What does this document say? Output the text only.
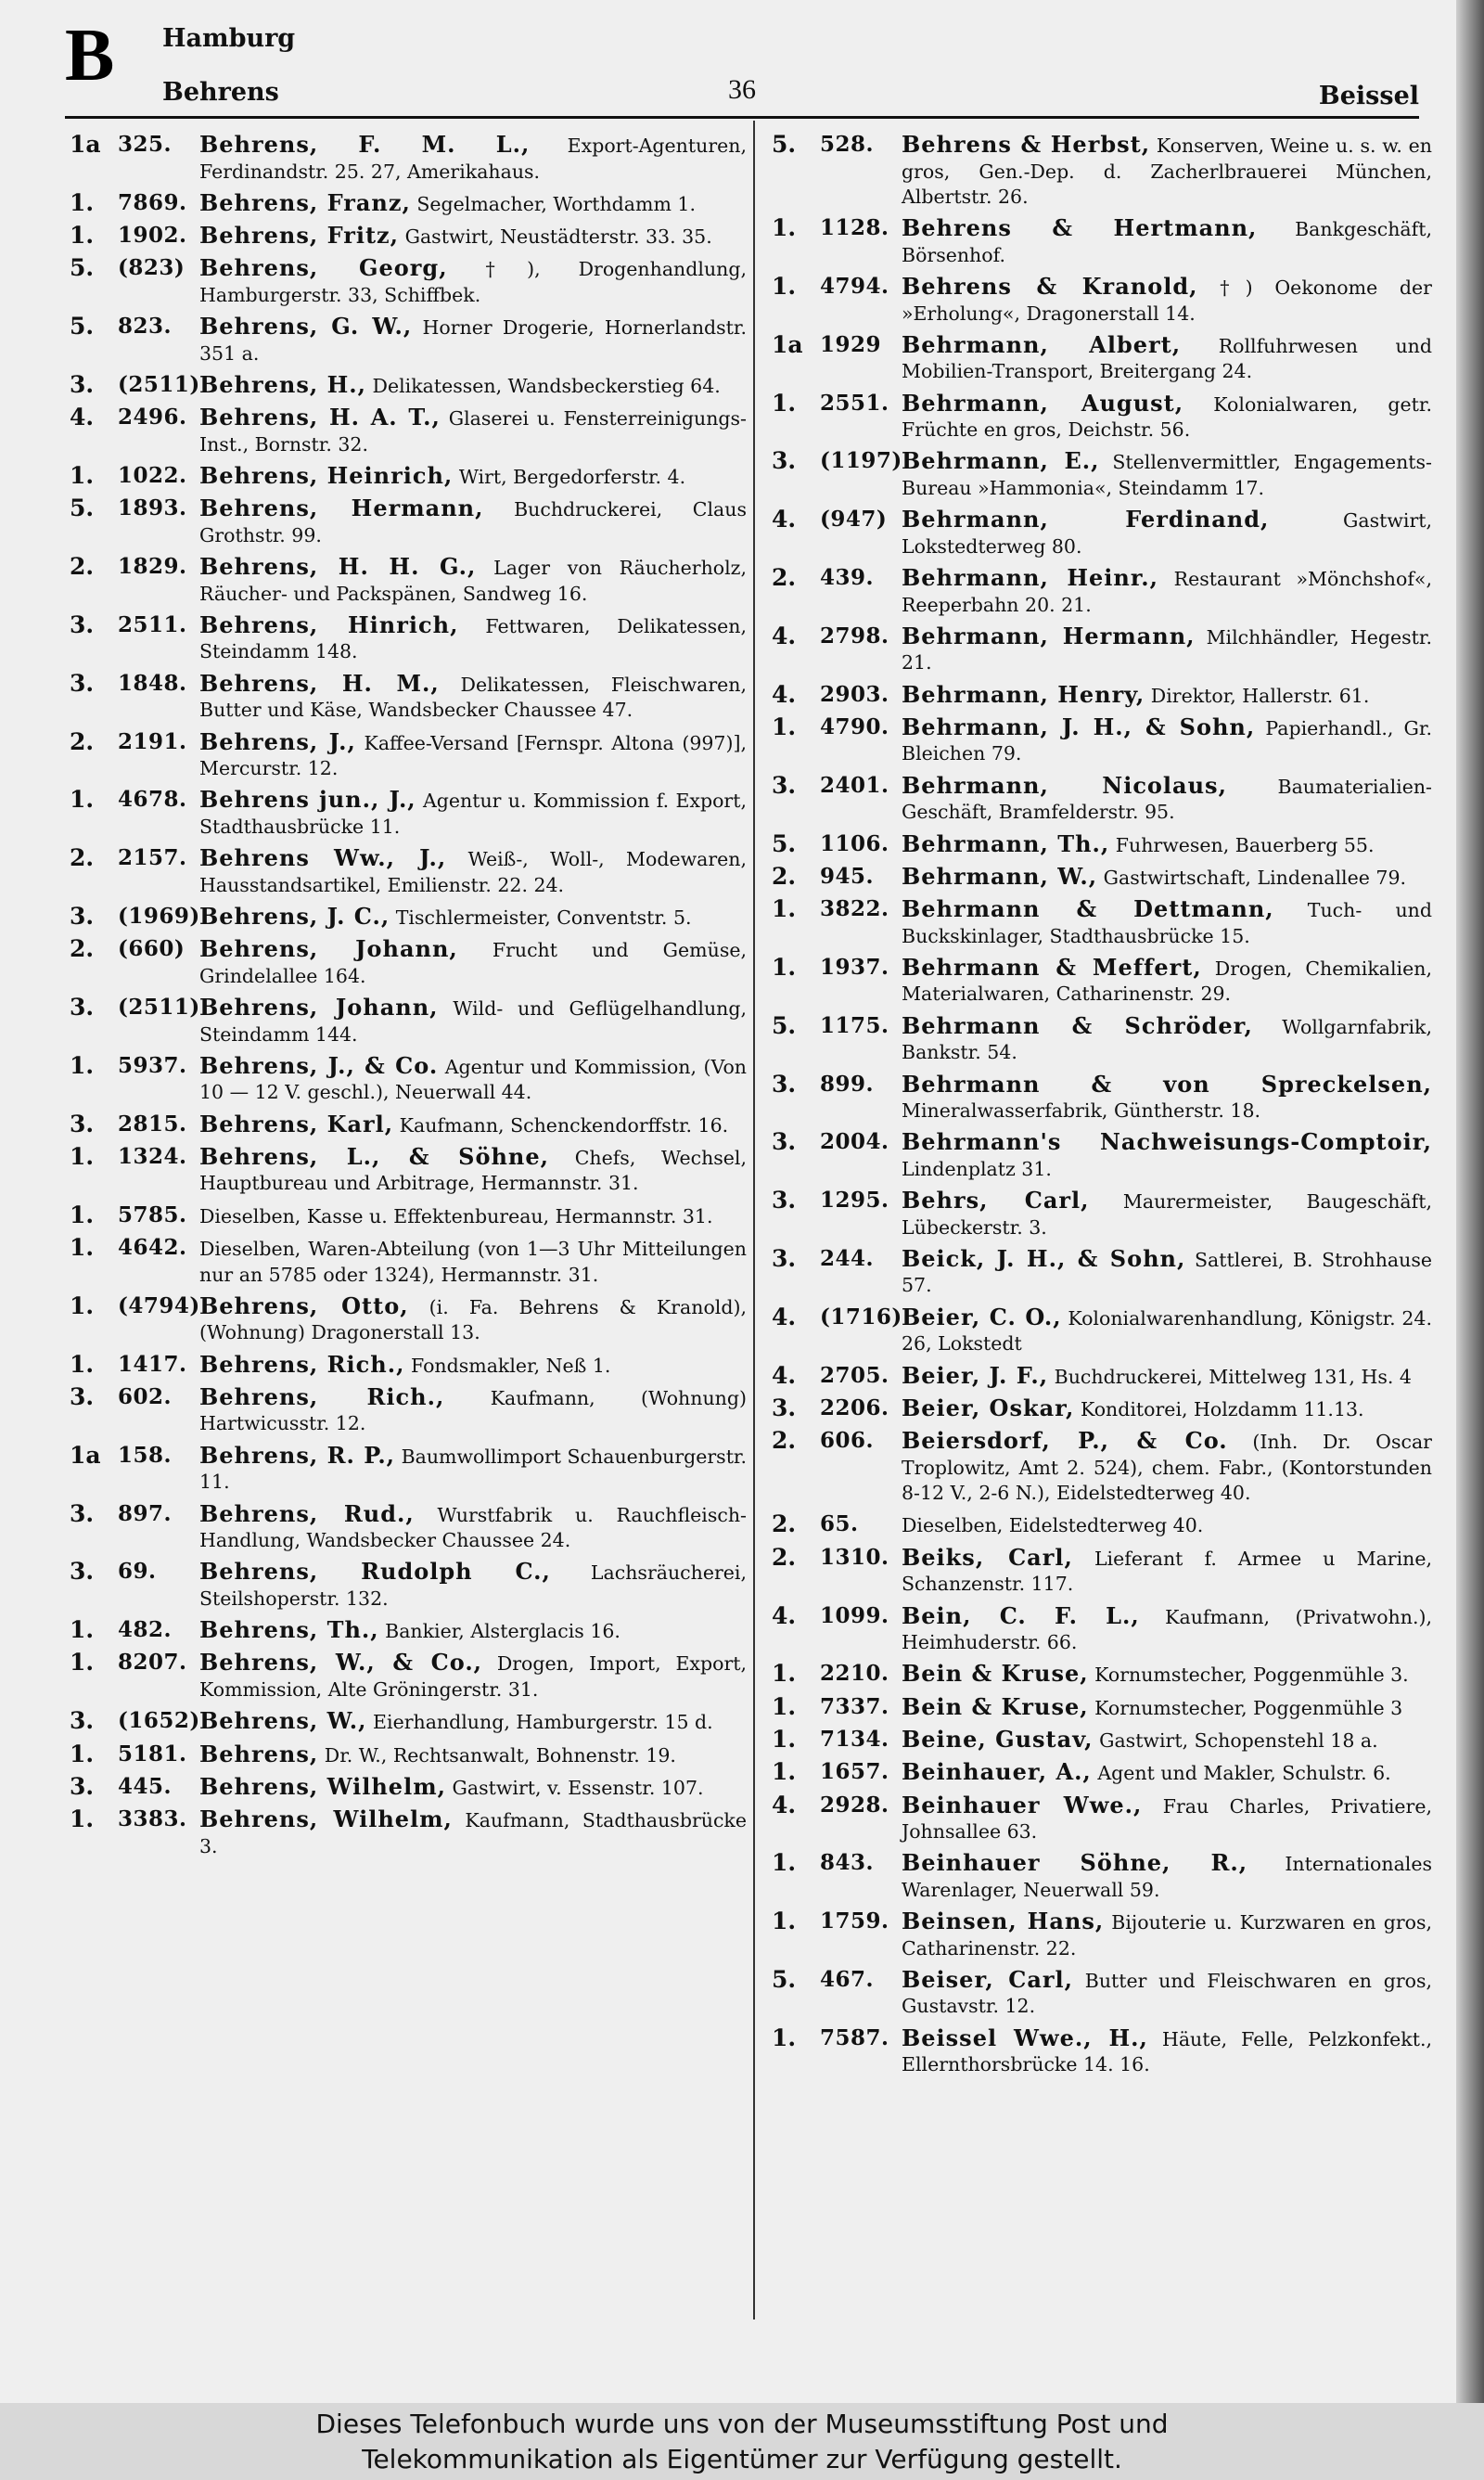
B Hamburg
Behrens	36	Beissel
1a 325.	Behrens, F. M. L., Export-Agenturen, Ferdinandstr. 25. 27, Amerikahaus.
1.	7869. Behrens, Franz, Segelmacher, Worthdamm 1.
1.	1902. Behrens, Fritz, Gastwirt, Neustädterstr. 33. 35.
5.	(823) Behrens, Georg, †), Drogenhandlung, Hamburgerstr. 33, Schiffbek.
5.	823.	Behrens, G. W., Horner Drogerie, Hornerlandstr. 351 a.
3.	(2511) Behrens, H., Delikatessen, Wandsbeckerstieg 64.
4.	2496. Behrens, H. A. T., Glaserei u. Fensterreinigungs-Inst., Bornstr. 32.
1.	1022. Behrens, Heinrich, Wirt, Bergedorferstr. 4.
5.	1893. Behrens, Hermann, Buchdruckerei, Claus Grothstr. 99.
2.	1829. Behrens, H. H. G., Lager von Räucherholz, Räucher- und Packspänen, Sandweg 16.
3.	2511. Behrens, Hinrich, Fettwaren, Delikatessen, Steindamm 148.
3.	1848. Behrens, H. M., Delikatessen, Fleischwaren, Butter und Käse, Wandsbecker Chaussee 47.
2.	2191. Behrens, J., Kaffee-Versand [Fernspr. Altona (997)], Mercurstr. 12.
1.	4678. Behrens jun., J., Agentur u. Kommission f. Export, Stadthausbrücke 11.
2.	2157. Behrens Ww., J., Weiß-, Woll-, Modewaren, Hausstandsartikel, Emilienstr. 22. 24.
3.	(1969) Behrens, J. C., Tischlermeister, Conventstr. 5.
2.	(660) Behrens, Johann, Frucht und Gemüse, Grindelallee 164.
3.	(2511) Behrens, Johann, Wild- und Geflügelhandlung, Steindamm 144.
1.	5937. Behrens, J., & Co. Agentur und Kommission, (Von 10 — 12 V. geschl.), Neuerwall 44.
3.	2815. Behrens, Karl, Kaufmann, Schenckendorffstr. 16.
1.	1324. Behrens, L., & Söhne, Chefs, Wechsel, Hauptbureau und Arbitrage, Hermannstr. 31.
1.	5785. Dieselben, Kasse u. Effektenbureau, Hermannstr. 31.
1.	4642. Dieselben, Waren-Abteilung (von 1—3 Uhr Mitteilungen nur an 5785 oder 1324), Hermannstr. 31.
1.	(4794) Behrens, Otto, (i. Fa. Behrens & Kranold), (Wohnung) Dragonerstall 13.
1.	1417. Behrens, Rich., Fondsmakler, Neß 1.
3.	602.	Behrens, Rich., Kaufmann, (Wohnung) Hartwicusstr. 12.
1a 158.	Behrens, R. P., Baumwollimport Schauenburgerstr. 11.
3.	897.	Behrens, Rud., Wurstfabrik u. Rauchfleisch-Handlung, Wandsbecker Chaussee 24.
3.	69.	Behrens, Rudolph C., Lachsräucherei, Steilshoperstr. 132.
1.	482.	Behrens, Th., Bankier, Alsterglacis 16.
1.	8207. Behrens, W., & Co., Drogen, Import, Export, Kommission, Alte Gröningerstr. 31.
3.	(1652) Behrens, W., Eierhandlung, Hamburgerstr. 15 d.
1.	5181. Behrens, Dr. W., Rechtsanwalt, Bohnenstr. 19.
3.	445.	Behrens, Wilhelm, Gastwirt, v. Essenstr. 107.
1.	3383. Behrens, Wilhelm, Kaufmann, Stadthausbrücke 3.
5.	528.	Behrens & Herbst, Konserven, Weine u. s. w. en gros, Gen.-Dep. d. Zacherlbrauerei München, Albertstr. 26.
1.	1128. Behrens & Hertmann, Bankgeschäft, Börsenhof.
1.	4794. Behrens & Kranold, †) Oekonome der »Erholung«, Dragonerstall 14.
1a 1929 Behrmann, Albert, Rollfuhrwesen und Mobilien-Transport, Breitergang 24.
1.	2551. Behrmann, August, Kolonialwaren, getr. Früchte en gros, Deichstr. 56.
3.	(1197) Behrmann, E., Stellenvermittler, Engagements-Bureau »Hammonia«, Steindamm 17.
4.	(947) Behrmann, Ferdinand,	Gastwirt, Lokstedterweg 80.
2.	439.	Behrmann, Heinr., Restaurant »Mönchshof«, Reeperbahn 20. 21.
4.	2798. Behrmann, Hermann, Milchhändler, Hegestr. 21.
4.	2903. Behrmann, Henry, Direktor, Hallerstr. 61.
1.	4790. Behrmann, J. H., & Sohn, Papierhandl., Gr. Bleichen 79.
3.	2401. Behrmann, Nicolaus,	Baumaterialien-Geschäft, Bramfelderstr. 95.
5.	1106. Behrmann, Th., Fuhrwesen, Bauerberg 55.
2.	945.	Behrmann, W., Gastwirtschaft, Lindenallee 79.
1.	3822. Behrmann & Dettmann, Tuch- und Buckskinlager, Stadthausbrücke 15.
1.	1937. Behrmann & Meffert, Drogen, Chemikalien, Materialwaren, Catharinenstr. 29.
5.	1175. Behrmann & Schröder, Wollgarnfabrik, Bankstr. 54.
3.	899.	Behrmann & von Spreckelsen, Mineralwasserfabrik, Güntherstr. 18.
3.	2004. Behrmann's Nachweisungs-Comptoir, Lindenplatz 31.
3.	1295. Behrs, Carl, Maurermeister, Baugeschäft, Lübeckerstr. 3.
3.	244.	Beick, J. H., & Sohn, Sattlerei, B. Strohhause 57.
4.	(1716) Beier, C. O., Kolonialwarenhandlung, Königstr. 24. 26, Lokstedt
4.	2705. Beier, J. F., Buchdruckerei, Mittelweg 131, Hs. 4
3.	2206. Beier, Oskar, Konditorei, Holzdamm 11.13.
2.	606.	Beiersdorf, P., & Co. (Inh. Dr. Oscar Troplowitz, Amt 2. 524), chem. Fabr., (Kontorstunden 8-12 V., 2-6 N.), Eidelstedterweg 40.
2.	65.	Dieselben, Eidelstedterweg 40.
2.	1310. Beiks, Carl, Lieferant f. Armee u Marine, Schanzenstr. 117.
4.	1099. Bein, C. F. L., Kaufmann, (Privatwohn.), Heimhuderstr. 66.
1.	2210. Bein & Kruse, Kornumstecher, Poggenmühle 3.
1.	7337. Bein & Kruse, Kornumstecher, Poggenmühle 3
1.	7134. Beine, Gustav, Gastwirt, Schopenstehl 18 a.
1.	1657. Beinhauer, A., Agent und Makler, Schulstr. 6.
4.	2928. Beinhauer Wwe., Frau Charles, Privatiere, Johnsallee 63.
1.	843.	Beinhauer Söhne, R., Internationales Warenlager, Neuerwall 59.
1.	1759. Beinsen, Hans, Bijouterie u. Kurzwaren en gros, Catharinenstr. 22.
5.	467.	Beiser, Carl, Butter und Fleischwaren en gros, Gustavstr. 12.
1.	7587. Beissel Wwe., H., Häute, Felle, Pelzkonfekt., Ellernthorsbrücke 14. 16.
Dieses Telefonbuch wurde uns von der Museumsstiftung Post und
Telekommunikation als Eigentümer zur Verfügung gestellt.
